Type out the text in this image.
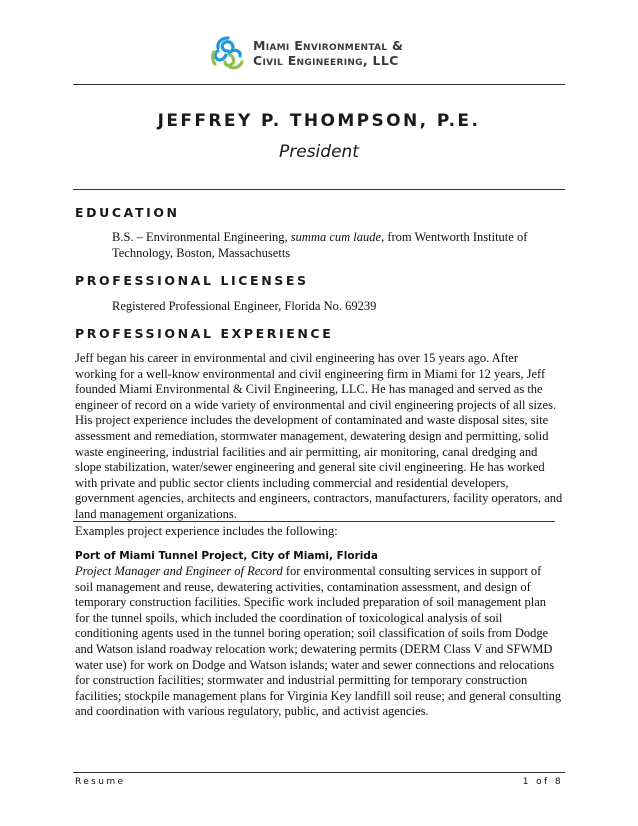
Miami Environmental &
Civil Engineering, LLC
JEFFREY P. THOMPSON, P.E.
President
EDUCATION
B.S. – Environmental Engineering, summa cum laude, from Wentworth Institute of
Technology, Boston, Massachusetts
PROFESSIONAL LICENSES
Registered Professional Engineer, Florida No. 69239
PROFESSIONAL EXPERIENCE
Jeff began his career in environmental and civil engineering has over 15 years ago. After
working for a well-know environmental and civil engineering firm in Miami for 12 years, Jeff
founded Miami Environmental & Civil Engineering, LLC. He has managed and served as the
engineer of record on a wide variety of environmental and civil engineering projects of all sizes.
His project experience includes the development of contaminated and waste disposal sites, site
assessment and remediation, stormwater management, dewatering design and permitting, solid
waste engineering, industrial facilities and air permitting, air monitoring, canal dredging and
slope stabilization, water/sewer engineering and general site civil engineering. He has worked
with private and public sector clients including commercial and residential developers,
government agencies, architects and engineers, contractors, manufacturers, facility operators, and
land management organizations.
Examples project experience includes the following:
Port of Miami Tunnel Project, City of Miami, Florida
Project Manager and Engineer of Record for environmental consulting services in support of
soil management and reuse, dewatering activities, contamination assessment, and design of
temporary construction facilities. Specific work included preparation of soil management plan
for the tunnel spoils, which included the coordination of toxicological analysis of soil
conditioning agents used in the tunnel boring operation; soil classification of soils from Dodge
and Watson island roadway relocation work; dewatering permits (DERM Class V and SFWMD
water use) for work on Dodge and Watson islands; water and sewer connections and relocations
for construction facilities; stormwater and industrial permitting for temporary construction
facilities; stockpile management plans for Virginia Key landfill soil reuse; and general consulting
and coordination with various regulatory, public, and activist agencies.
Resume	1 of 8
